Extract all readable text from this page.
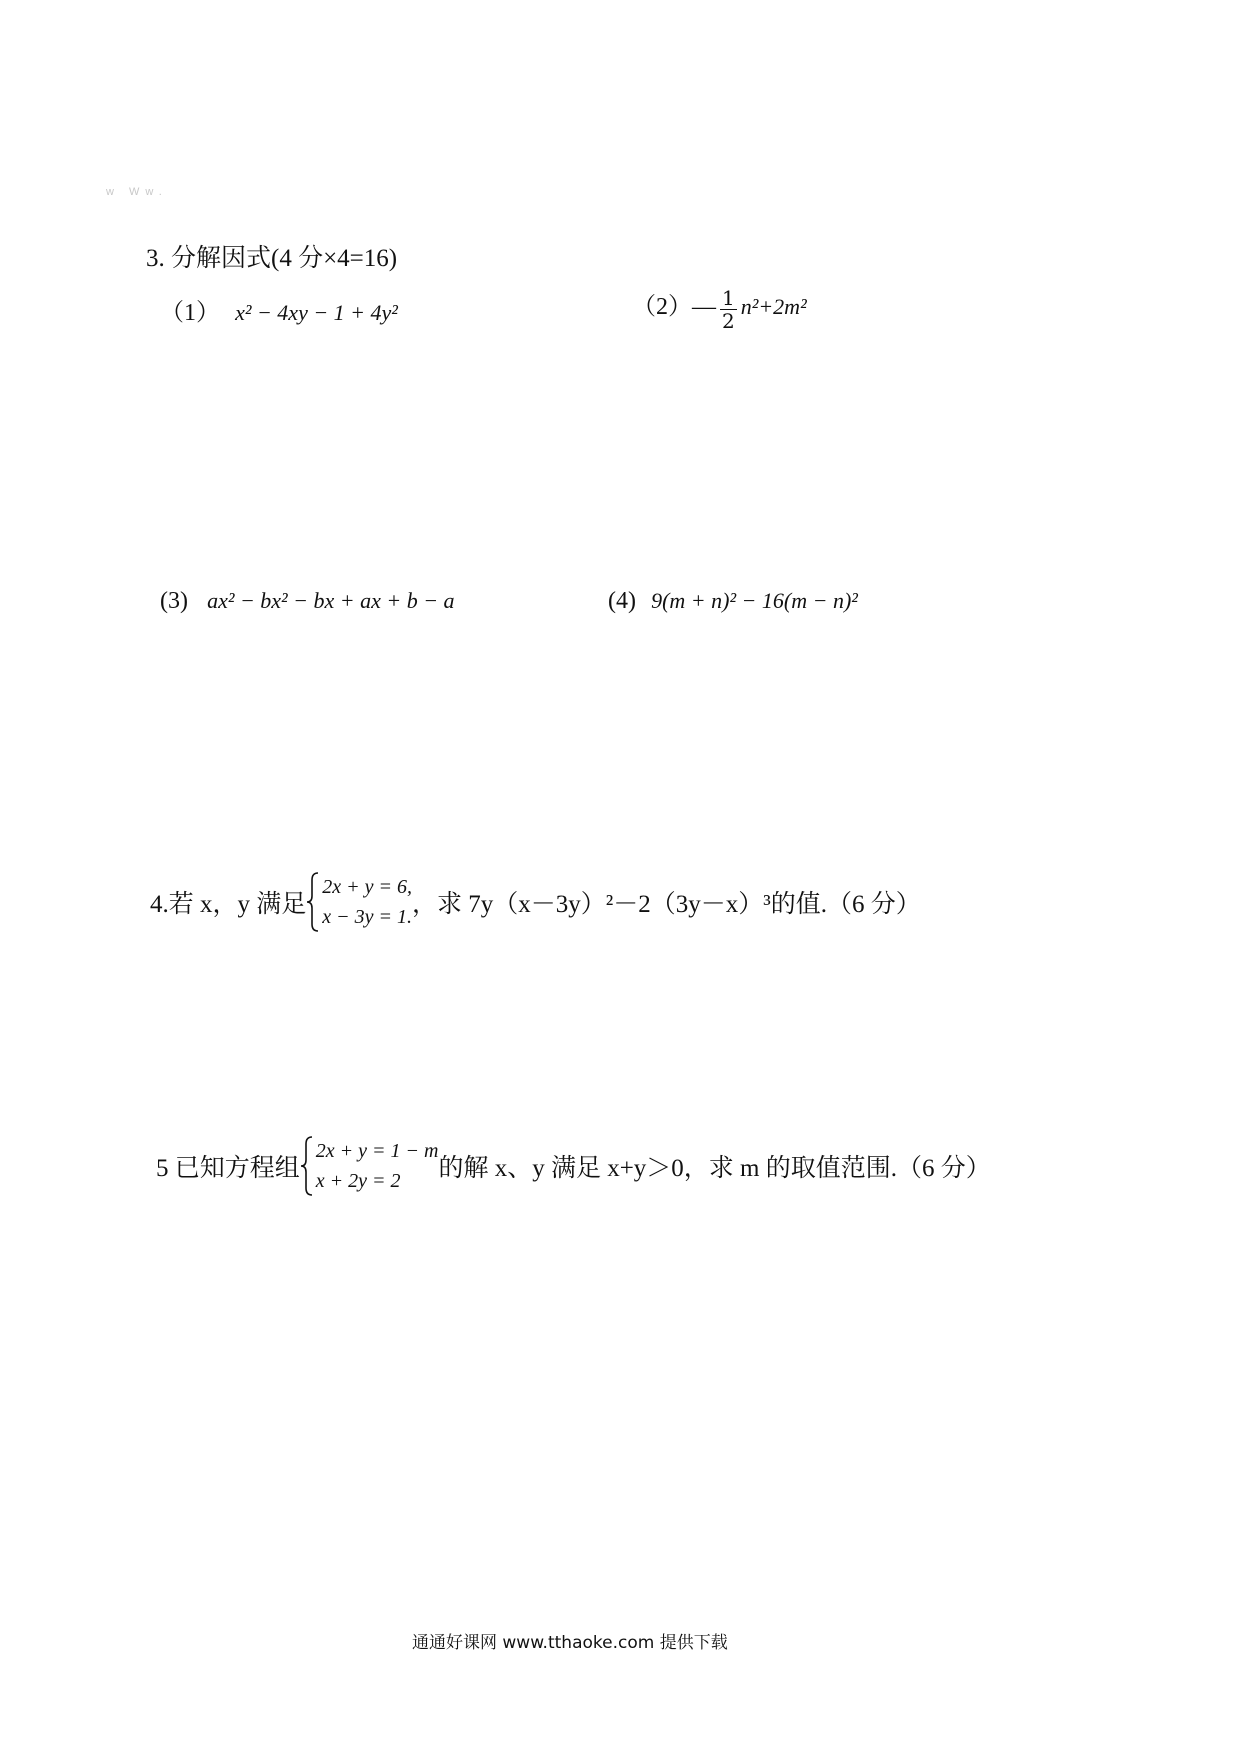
w Ww.
3. 分解因式(4 分×4=16)
（1） x² − 4xy − 1 + 4y²	（2）— $\frac{1}{2} n^2+2m^2$
(3) ax² − bx² − bx + ax + b − a	(4) 9(m + n)² − 16(m − n)²
4.若 x，y 满足
2x + y = 6,
x − 3y = 1. ，求 7y（x－3y）²－2（3y－x）³的值.（6 分）
5 已知方程组
2x + y = 1 − m
x + 2y = 2	的解 x、y 满足 x+y＞0，求 m 的取值范围.（6 分）
通通好课网 www.tthaoke.com 提供下载
